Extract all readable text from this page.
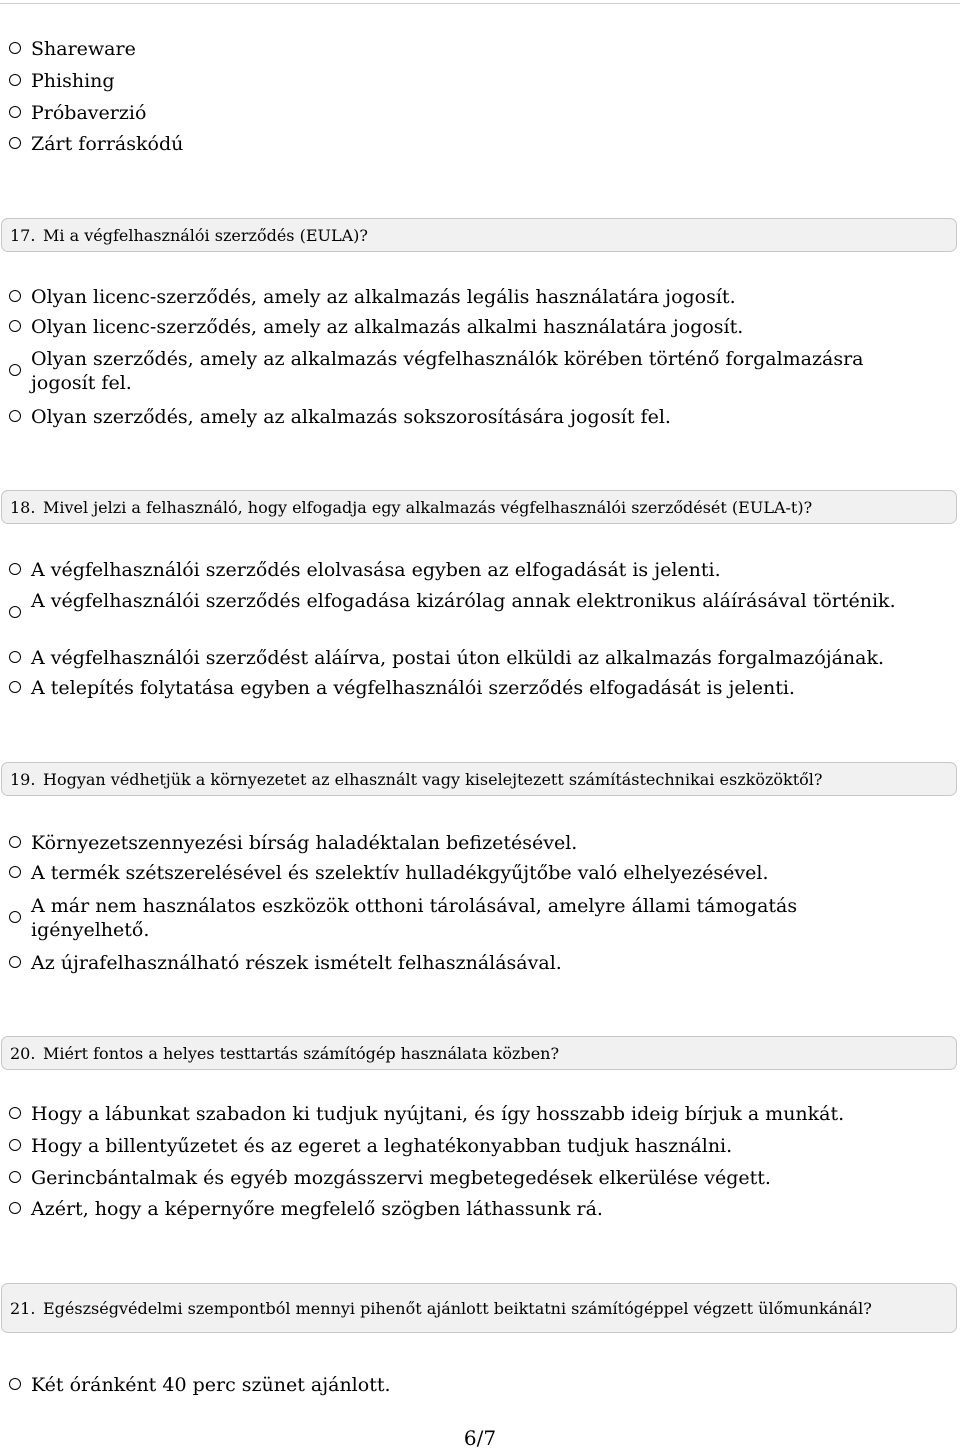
Shareware
Phishing
Próbaverzió
Zárt forráskódú
17. Mi a végfelhasználói szerződés (EULA)?
Olyan licenc-szerződés, amely az alkalmazás legális használatára jogosít.
Olyan licenc-szerződés, amely az alkalmazás alkalmi használatára jogosít.
Olyan szerződés, amely az alkalmazás végfelhasználók körében történő forgalmazásra jogosít fel.
Olyan szerződés, amely az alkalmazás sokszorosítására jogosít fel.
18. Mivel jelzi a felhasználó, hogy elfogadja egy alkalmazás végfelhasználói szerződését (EULA-t)?
A végfelhasználói szerződés elolvasása egyben az elfogadását is jelenti.
A végfelhasználói szerződés elfogadása kizárólag annak elektronikus aláírásával történik.
A végfelhasználói szerződést aláírva, postai úton elküldi az alkalmazás forgalmazójának.
A telepítés folytatása egyben a végfelhasználói szerződés elfogadását is jelenti.
19. Hogyan védhetjük a környezetet az elhasznált vagy kiselejtezett számítástechnikai eszközöktől?
Környezetszennyezési bírság haladéktalan befizetésével.
A termék szétszerelésével és szelektív hulladékgyűjtőbe való elhelyezésével.
A már nem használatos eszközök otthoni tárolásával, amelyre állami támogatás igényelhető.
Az újrafelhasználható részek ismételt felhasználásával.
20. Miért fontos a helyes testtartás számítógép használata közben?
Hogy a lábunkat szabadon ki tudjuk nyújtani, és így hosszabb ideig bírjuk a munkát.
Hogy a billentyűzetet és az egeret a leghatékonyabban tudjuk használni.
Gerincbántalmak és egyéb mozgásszervi megbetegedések elkerülése végett.
Azért, hogy a képernyőre megfelelő szögben láthassunk rá.
21. Egészségvédelmi szempontból mennyi pihenőt ajánlott beiktatni számítógéppel végzett ülőmunkánál?
Két óránként 40 perc szünet ajánlott.
6/7
